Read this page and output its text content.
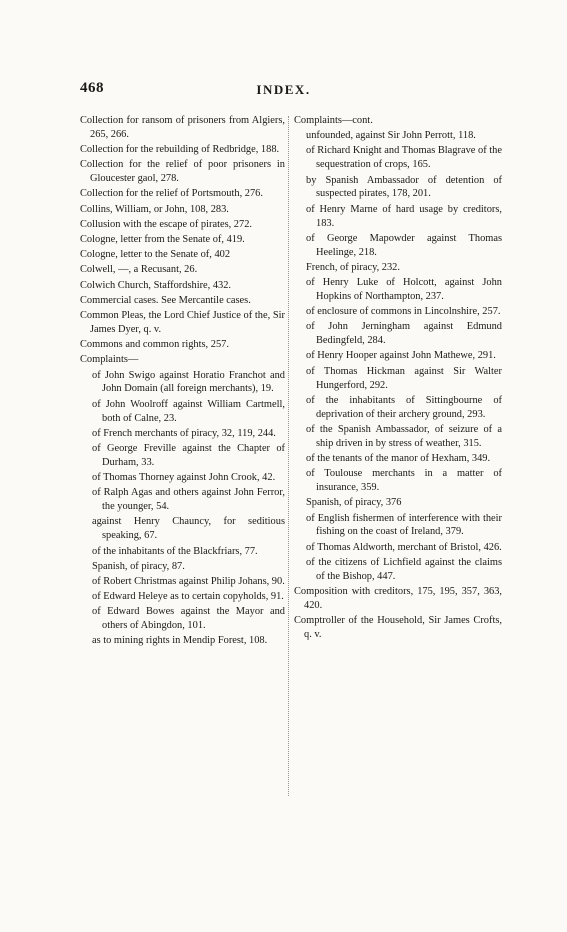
468	INDEX.

Collection for ransom of prisoners from Algiers, 265, 266.

Collection for the rebuilding of Redbridge, 188.

Collection for the relief of poor prisoners in Gloucester gaol, 278.

Collection for the relief of Portsmouth, 276.

Collins, William, or John, 108, 283.

Collusion with the escape of pirates, 272.

Cologne, letter from the Senate of, 419.

Cologne, letter to the Senate of, 402

Colwell, —, a Recusant, 26.

Colwich Church, Staffordshire, 432.

Commercial cases. See Mercantile cases.

Common Pleas, the Lord Chief Justice of the, Sir James Dyer, q. v.

Commons and common rights, 257.

Complaints—

of John Swigo against Horatio Franchot and John Domain (all foreign merchants), 19.

of John Woolroff against William Cartmell, both of Calne, 23.

of French merchants of piracy, 32, 119, 244.

of George Freville against the Chapter of Durham, 33.

of Thomas Thorney against John Crook, 42.

of Ralph Agas and others against John Ferror, the younger, 54.

against Henry Chauncy, for seditious speaking, 67.

of the inhabitants of the Blackfriars, 77.

Spanish, of piracy, 87.

of Robert Christmas against Philip Johans, 90.

of Edward Heleye as to certain copyholds, 91.

of Edward Bowes against the Mayor and others of Abingdon, 101.

as to mining rights in Mendip Forest, 108.

Complaints—cont.

unfounded, against Sir John Perrott, 118.

of Richard Knight and Thomas Blagrave of the sequestration of crops, 165.

by Spanish Ambassador of detention of suspected pirates, 178, 201.

of Henry Marne of hard usage by creditors, 183.

of George Mapowder against Thomas Heelinge, 218.

French, of piracy, 232.

of Henry Luke of Holcott, against John Hopkins of Northampton, 237.

of enclosure of commons in Lincolnshire, 257.

of John Jerningham against Edmund Bedingfeld, 284.

of Henry Hooper against John Mathewe, 291.

of Thomas Hickman against Sir Walter Hungerford, 292.

of the inhabitants of Sittingbourne of deprivation of their archery ground, 293.

of the Spanish Ambassador, of seizure of a ship driven in by stress of weather, 315.

of the tenants of the manor of Hexham, 349.

of Toulouse merchants in a matter of insurance, 359.

Spanish, of piracy, 376

of English fishermen of interference with their fishing on the coast of Ireland, 379.

of Thomas Aldworth, merchant of Bristol, 426.

of the citizens of Lichfield against the claims of the Bishop, 447.

Composition with creditors, 175, 195, 357, 363, 420.

Comptroller of the Household, Sir James Crofts, q. v.
